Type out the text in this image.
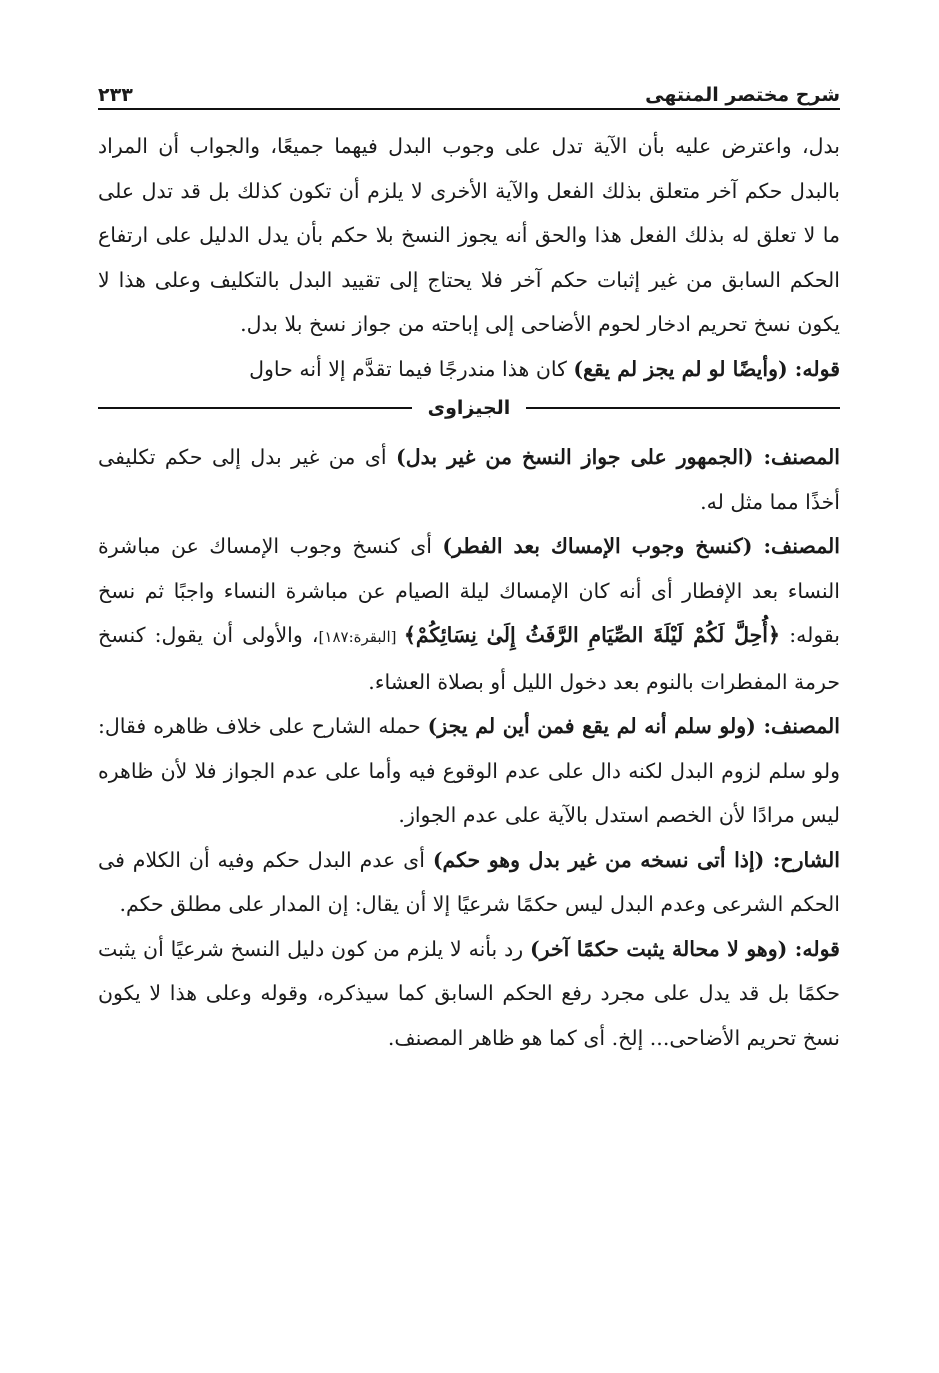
شرح مختصر المنتهى
٢٣٣

بدل، واعترض عليه بأن الآية تدل على وجوب البدل فيهما جميعًا، والجواب أن المراد بالبدل حكم آخر متعلق بذلك الفعل والآية الأخرى لا يلزم أن تكون كذلك بل قد تدل على ما لا تعلق له بذلك الفعل هذا والحق أنه يجوز النسخ بلا حكم بأن يدل الدليل على ارتفاع الحكم السابق من غير إثبات حكم آخر فلا يحتاج إلى تقييد البدل بالتكليف وعلى هذا لا يكون نسخ تحريم ادخار لحوم الأضاحى إلى إباحته من جواز نسخ بلا بدل.

قوله: (وأيضًا لو لم يجز لم يقع) كان هذا مندرجًا فيما تقدَّم إلا أنه حاول

الجيزاوى

المصنف: (الجمهور على جواز النسخ من غير بدل) أى من غير بدل إلى حكم تكليفى أخذًا مما مثل له.

المصنف: (كنسخ وجوب الإمساك بعد الفطر) أى كنسخ وجوب الإمساك عن مباشرة النساء بعد الإفطار أى أنه كان الإمساك ليلة الصيام عن مباشرة النساء واجبًا ثم نسخ بقوله: ﴿أُحِلَّ لَكُمْ لَيْلَةَ الصِّيَامِ الرَّفَثُ إِلَىٰ نِسَائِكُمْ﴾ [البقرة:١٨٧]، والأولى أن يقول: كنسخ حرمة المفطرات بالنوم بعد دخول الليل أو بصلاة العشاء.

المصنف: (ولو سلم أنه لم يقع فمن أين لم يجز) حمله الشارح على خلاف ظاهره فقال: ولو سلم لزوم البدل لكنه دال على عدم الوقوع فيه وأما على عدم الجواز فلا لأن ظاهره ليس مرادًا لأن الخصم استدل بالآية على عدم الجواز.

الشارح: (إذا أتى نسخه من غير بدل وهو حكم) أى عدم البدل حكم وفيه أن الكلام فى الحكم الشرعى وعدم البدل ليس حكمًا شرعيًا إلا أن يقال: إن المدار على مطلق حكم.

قوله: (وهو لا محالة يثبت حكمًا آخر) رد بأنه لا يلزم من كون دليل النسخ شرعيًا أن يثبت حكمًا بل قد يدل على مجرد رفع الحكم السابق كما سيذكره، وقوله وعلى هذا لا يكون نسخ تحريم الأضاحى... إلخ. أى كما هو ظاهر المصنف.
